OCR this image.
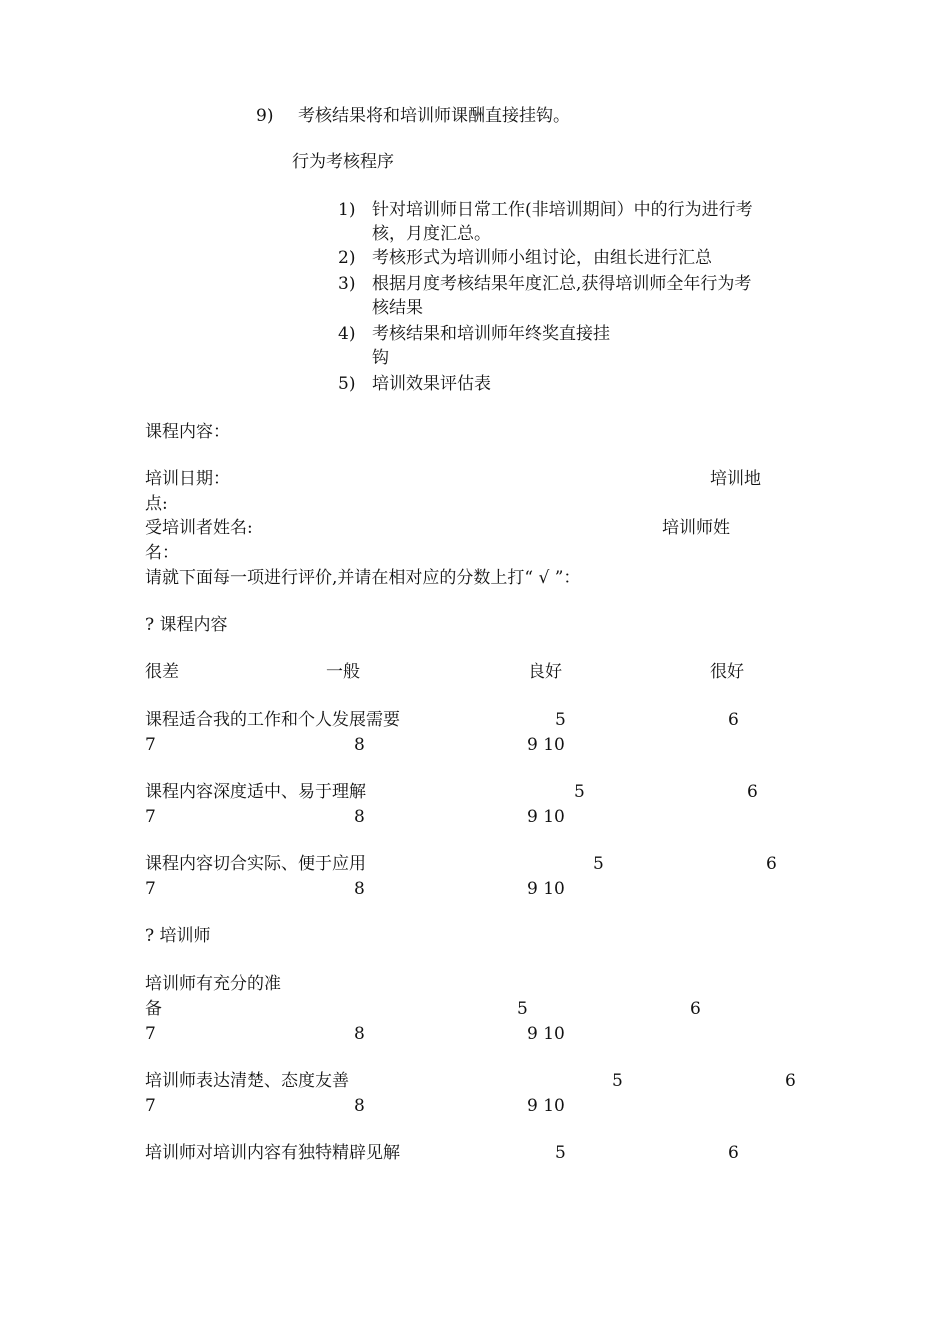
9) 考核结果将和培训师课酬直接挂钩。
行为考核程序
1) 针对培训师日常工作(非培训期间）中的行为进行考
核，月度汇总。
2) 考核形式为培训师小组讨论，由组长进行汇总
3) 根据月度考核结果年度汇总,获得培训师全年行为考
核结果
4) 考核结果和培训师年终奖直接挂
钩
5) 培训效果评估表
课程内容：
培训日期：	培训地
点:
受培训者姓名:	培训师姓
名：
请就下面每一项进行评价,并请在相对应的分数上打“ √ ”：
? 课程内容
很差	一般	良好	很好
课程适合我的工作和个人发展需要	5	6
7	8	9 10
课程内容深度适中、易于理解	5	6
7	8	9 10
课程内容切合实际、便于应用	5	6
7	8	9 10
? 培训师
培训师有充分的准
备	5	6
7	8	9 10
培训师表达清楚、态度友善	5	6
7	8	9 10
培训师对培训内容有独特精辟见解	5	6
